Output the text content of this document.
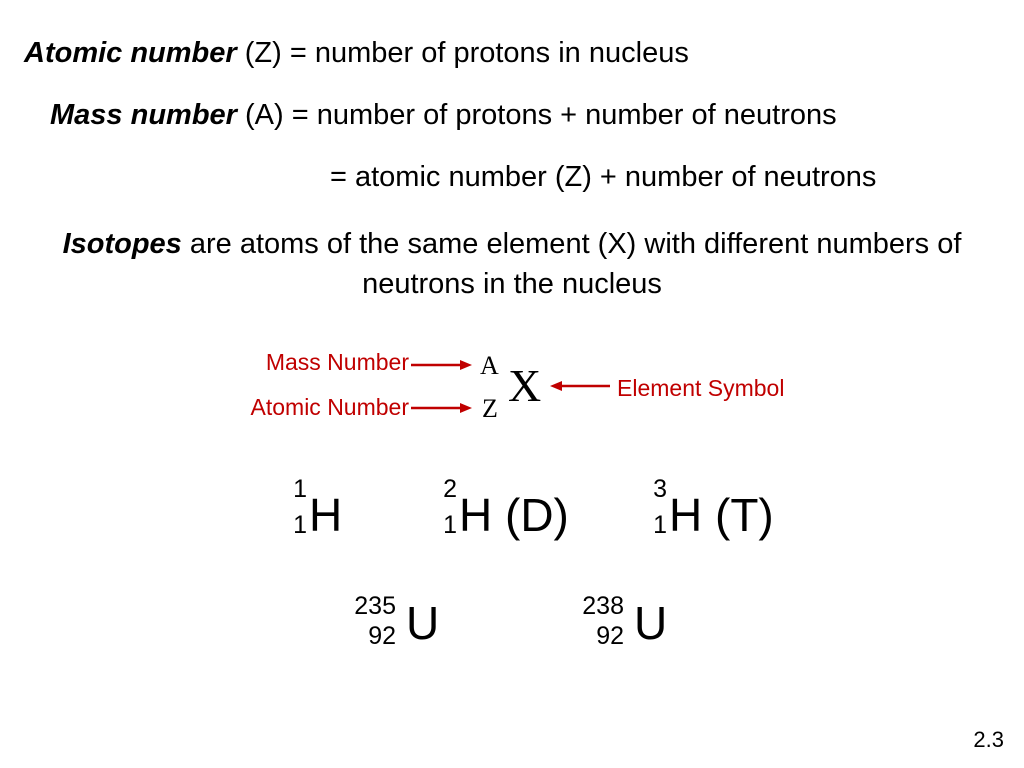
Atomic number (Z) = number of protons in nucleus
Mass number (A) = number of protons + number of neutrons
= atomic number (Z) + number of neutrons
Isotopes are atoms of the same element (X) with different numbers of neutrons in the nucleus
Mass Number
Atomic Number
Element Symbol
A
Z X
1
1 H	2
1 H (D)	3
1 H (T)
235
92 U	238
92 U
2.3
